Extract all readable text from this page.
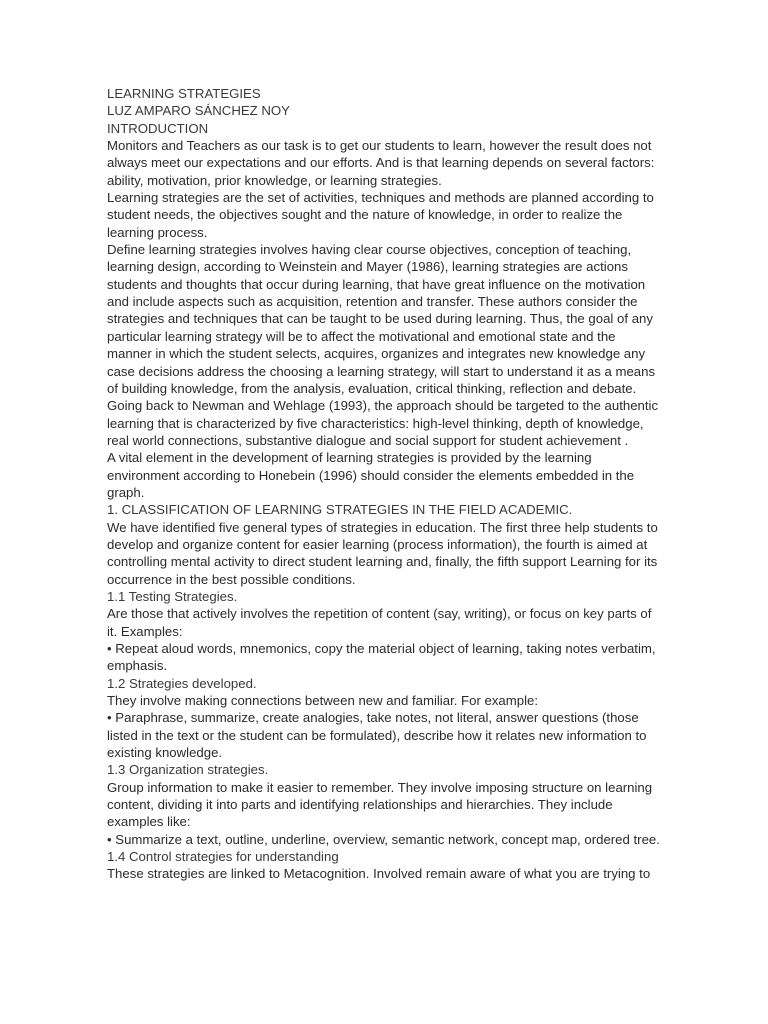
LEARNING STRATEGIES

LUZ AMPARO SÁNCHEZ NOY

INTRODUCTION

Monitors and Teachers as our task is to get our students to learn, however the result does not always meet our expectations and our efforts. And is that learning depends on several factors: ability, motivation, prior knowledge, or learning strategies.

Learning strategies are the set of activities, techniques and methods are planned according to student needs, the objectives sought and the nature of knowledge, in order to realize the learning process.

Define learning strategies involves having clear course objectives, conception of teaching, learning design, according to Weinstein and Mayer (1986), learning strategies are actions students and thoughts that occur during learning, that have great influence on the motivation and include aspects such as acquisition, retention and transfer. These authors consider the strategies and techniques that can be taught to be used during learning. Thus, the goal of any particular learning strategy will be to affect the motivational and emotional state and the manner in which the student selects, acquires, organizes and integrates new knowledge any case decisions address the choosing a learning strategy, will start to understand it as a means of building knowledge, from the analysis, evaluation, critical thinking, reflection and debate.

Going back to Newman and Wehlage (1993), the approach should be targeted to the authentic learning that is characterized by five characteristics: high-level thinking, depth of knowledge, real world connections, substantive dialogue and social support for student achievement .

A vital element in the development of learning strategies is provided by the learning environment according to Honebein (1996) should consider the elements embedded in the graph.

1. CLASSIFICATION OF LEARNING STRATEGIES IN THE FIELD ACADEMIC.

We have identified five general types of strategies in education. The first three help students to develop and organize content for easier learning (process information), the fourth is aimed at controlling mental activity to direct student learning and, finally, the fifth support Learning for its occurrence in the best possible conditions.

1.1 Testing Strategies.

Are those that actively involves the repetition of content (say, writing), or focus on key parts of it. Examples:

• Repeat aloud words, mnemonics, copy the material object of learning, taking notes verbatim, emphasis.

1.2 Strategies developed.

They involve making connections between new and familiar. For example:

• Paraphrase, summarize, create analogies, take notes, not literal, answer questions (those listed in the text or the student can be formulated), describe how it relates new information to existing knowledge.

1.3 Organization strategies.

Group information to make it easier to remember. They involve imposing structure on learning content, dividing it into parts and identifying relationships and hierarchies. They include examples like:

• Summarize a text, outline, underline, overview, semantic network, concept map, ordered tree.

1.4 Control strategies for understanding

These strategies are linked to Metacognition. Involved remain aware of what you are trying to
